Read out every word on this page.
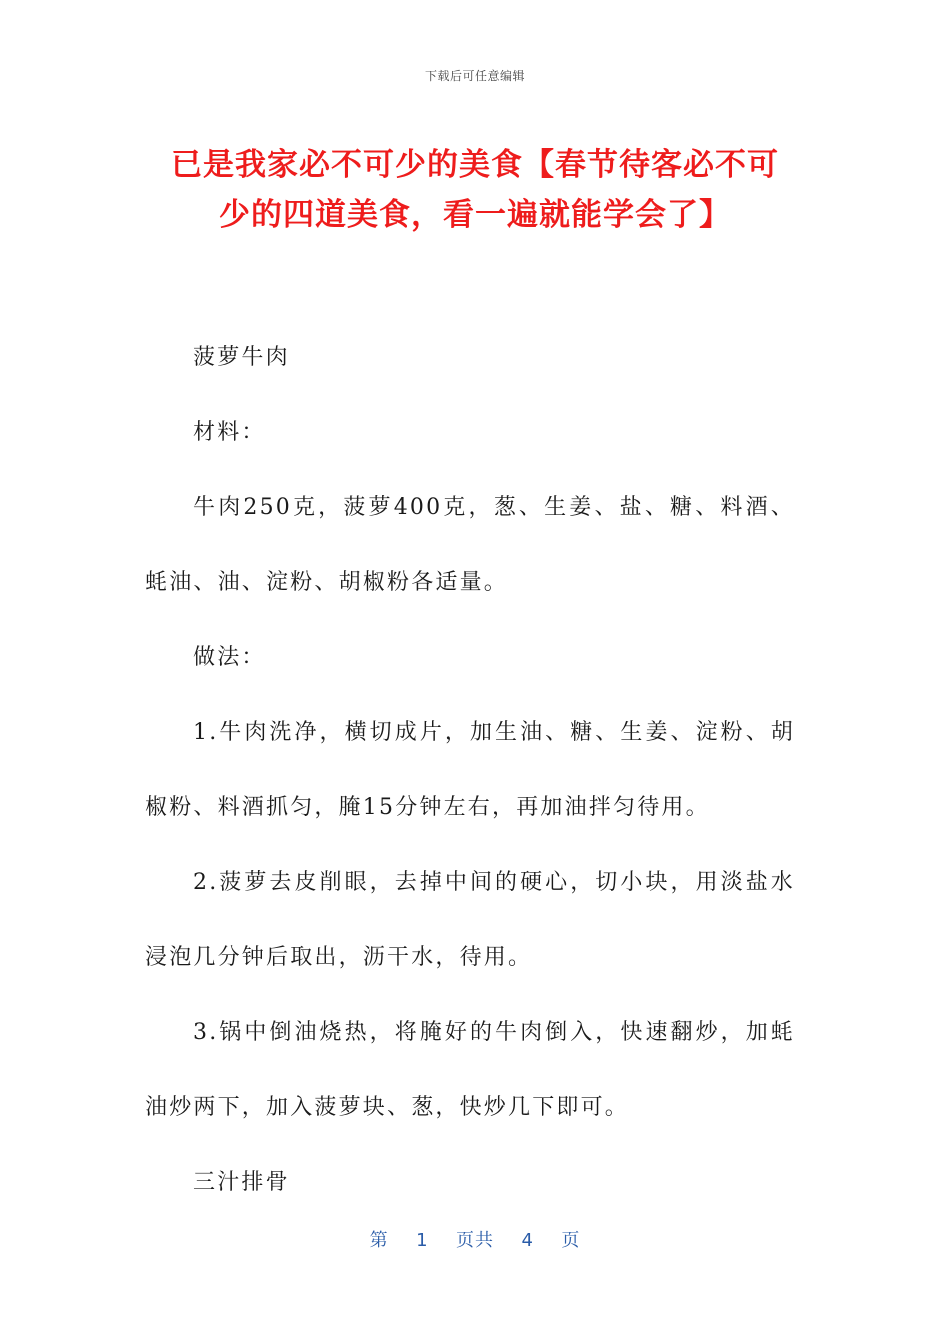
下载后可任意编辑
已是我家必不可少的美食【春节待客必不可
少的四道美食，看一遍就能学会了】

菠萝牛肉

材料：

牛肉250克，菠萝400克，葱、生姜、盐、糖、料酒、蚝油、油、淀粉、胡椒粉各适量。

做法：

1.牛肉洗净，横切成片，加生油、糖、生姜、淀粉、胡椒粉、料酒抓匀，腌15分钟左右，再加油拌匀待用。

2.菠萝去皮削眼，去掉中间的硬心，切小块，用淡盐水浸泡几分钟后取出，沥干水，待用。

3.锅中倒油烧热，将腌好的牛肉倒入，快速翻炒，加蚝油炒两下，加入菠萝块、葱，快炒几下即可。

三汁排骨

第 1 页共 4 页
